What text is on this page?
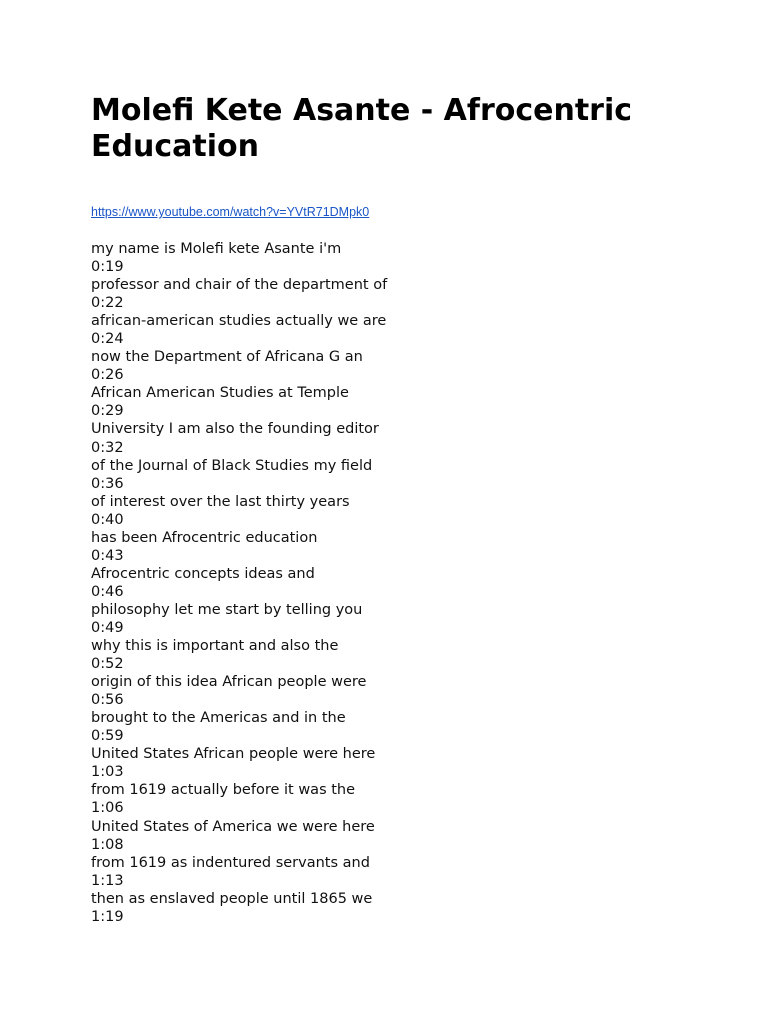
Molefi Kete Asante - Afrocentric Education
https://www.youtube.com/watch?v=YVtR71DMpk0
my name is Molefi kete Asante i'm
0:19
professor and chair of the department of
0:22
african-american studies actually we are
0:24
now the Department of Africana G an
0:26
African American Studies at Temple
0:29
University I am also the founding editor
0:32
of the Journal of Black Studies my field
0:36
of interest over the last thirty years
0:40
has been Afrocentric education
0:43
Afrocentric concepts ideas and
0:46
philosophy let me start by telling you
0:49
why this is important and also the
0:52
origin of this idea African people were
0:56
brought to the Americas and in the
0:59
United States African people were here
1:03
from 1619 actually before it was the
1:06
United States of America we were here
1:08
from 1619 as indentured servants and
1:13
then as enslaved people until 1865 we
1:19
